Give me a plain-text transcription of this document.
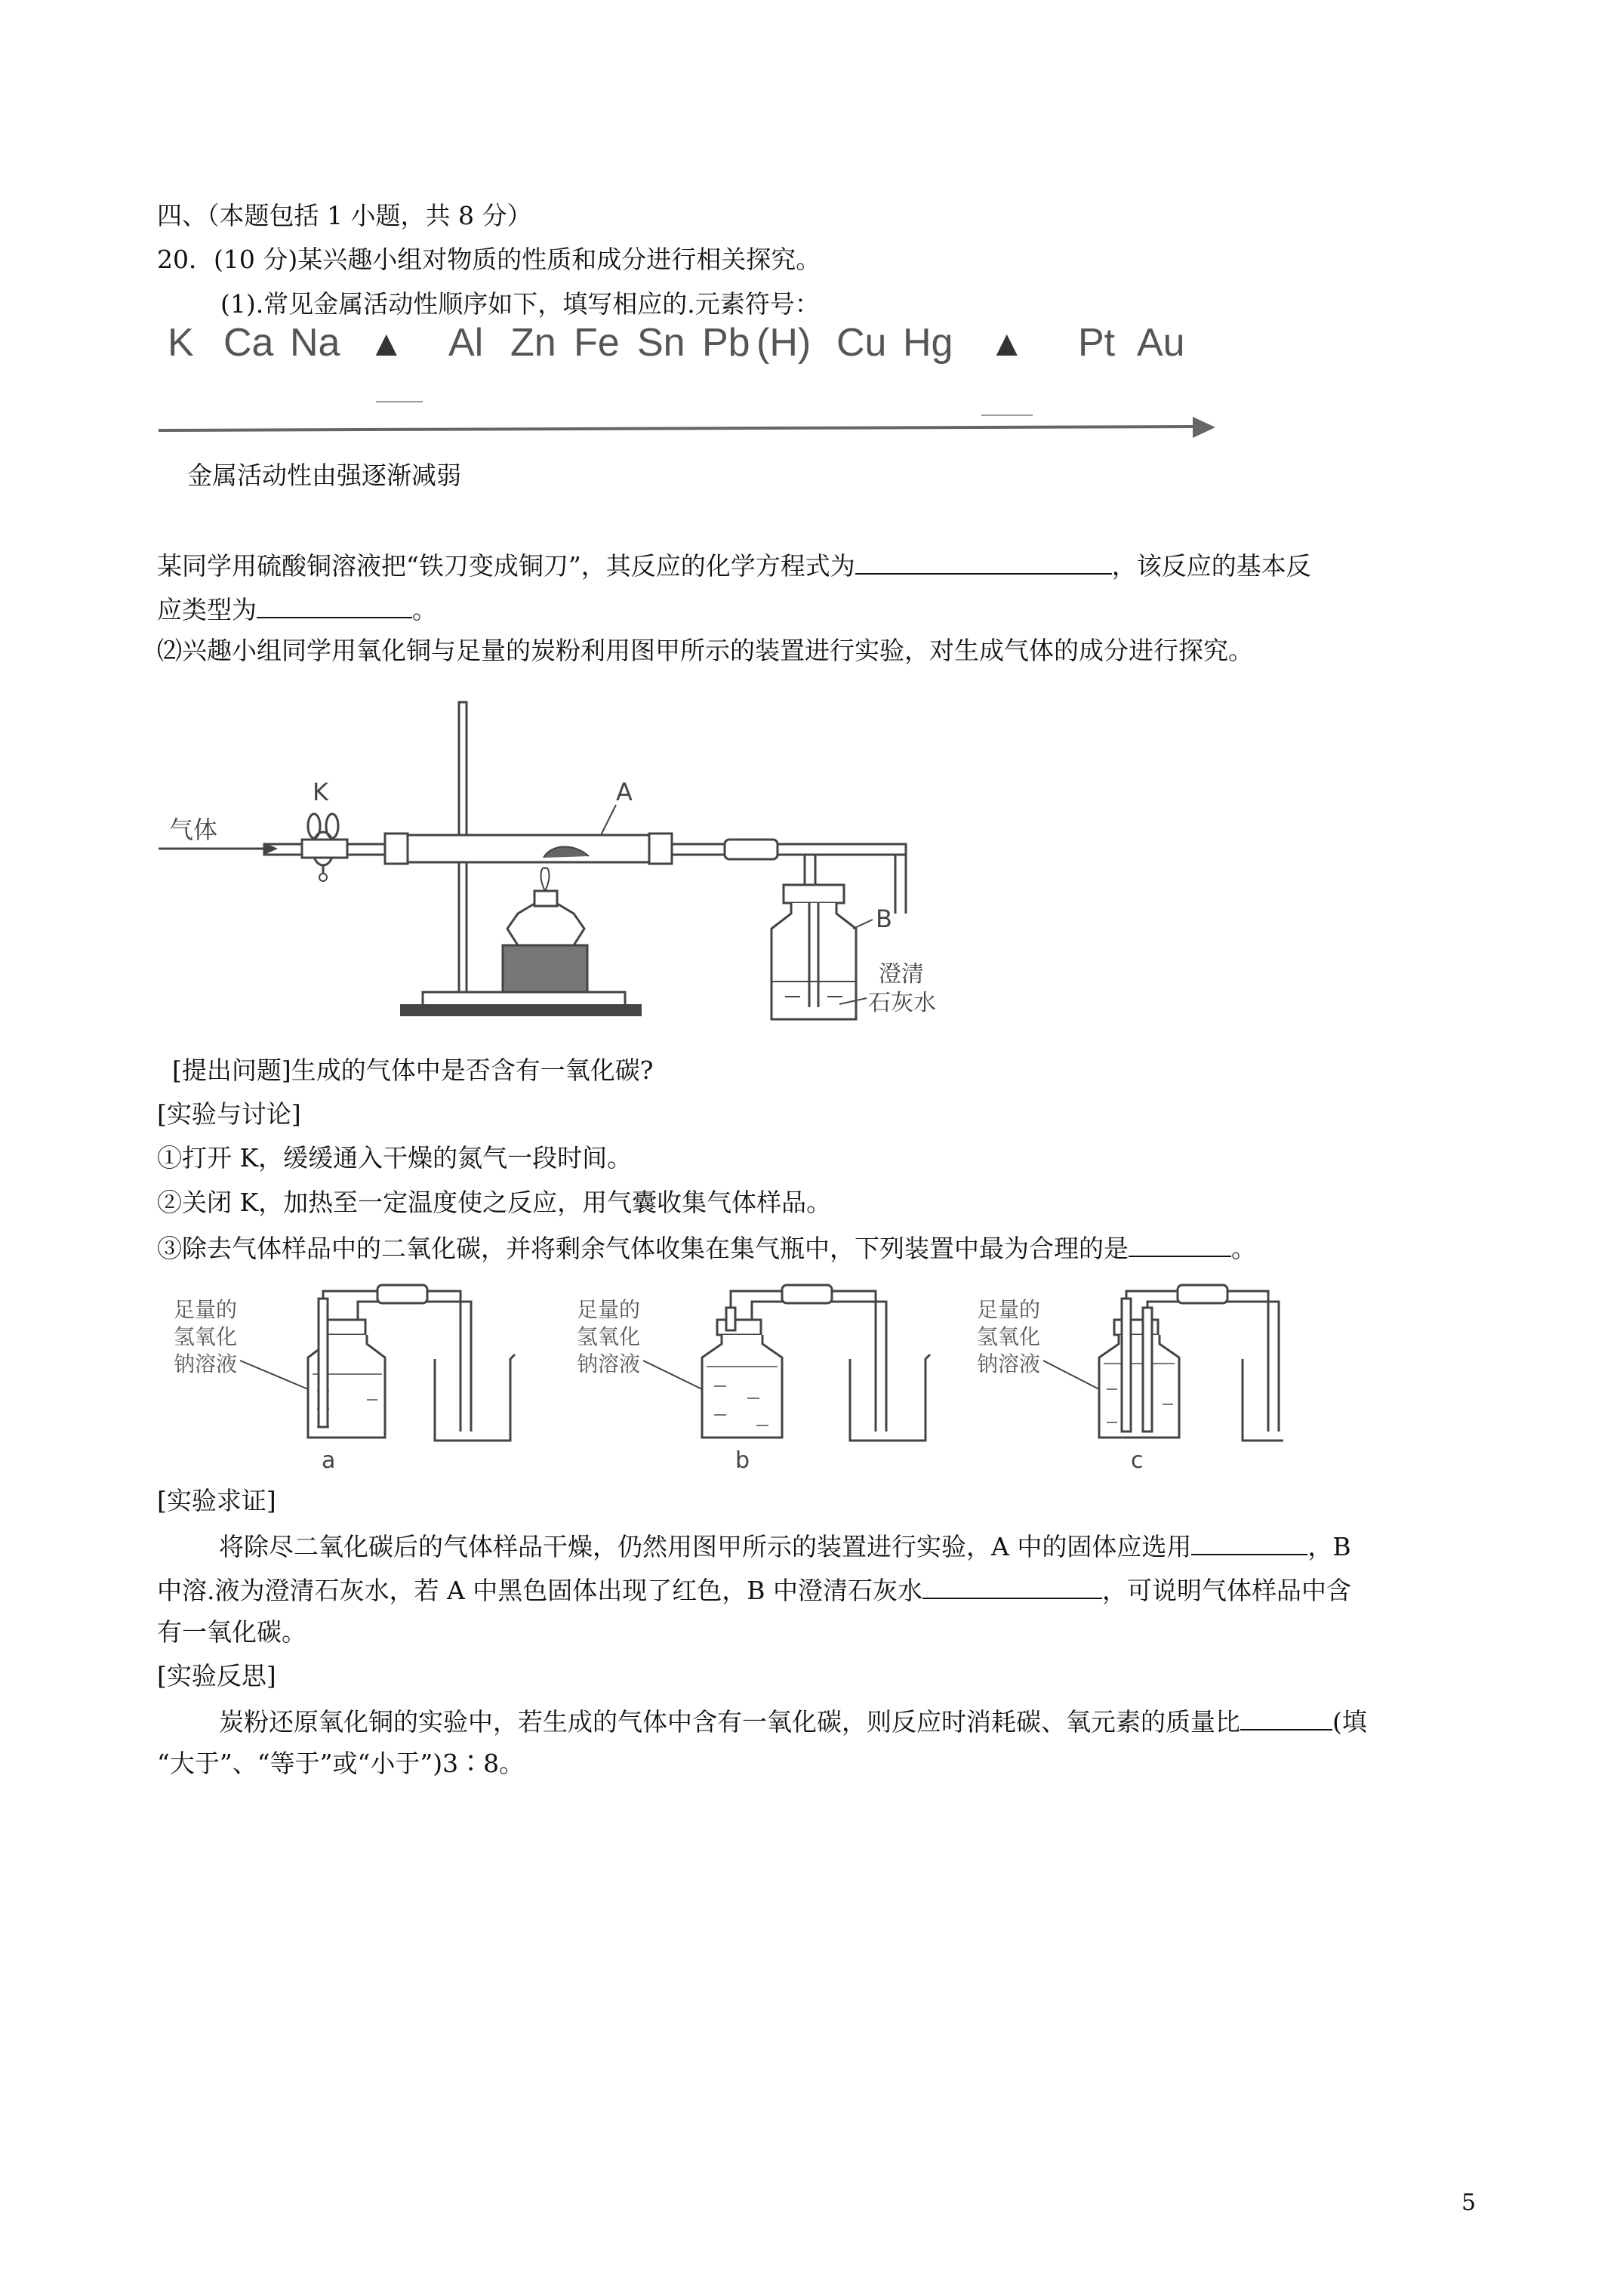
四、（本题包括 1 小题，共 8 分）
20．(10 分)某兴趣小组对物质的性质和成分进行相关探究。
(1).常见金属活动性顺序如下，填写相应的.元素符号：
K Ca Na ▲ Al Zn Fe Sn Pb (H) Cu Hg ▲ Pt Au
金属活动性由强逐渐减弱
某同学用硫酸铜溶液把“铁刀变成铜刀”，其反应的化学方程式为	，该反应的基本反
应类型为	。
⑵兴趣小组同学用氧化铜与足量的炭粉利用图甲所示的装置进行实验，对生成气体的成分进行探究。
气体
K	A
B
澄清
石灰水
[提出问题]生成的气体中是否含有一氧化碳?
[实验与讨论]
①打开 K，缓缓通入干燥的氮气一段时间。
②关闭 K，加热至一定温度使之反应，用气囊收集气体样品。
③除去气体样品中的二氧化碳，并将剩余气体收集在集气瓶中，下列装置中最为合理的是	。
足量的
氢氧化
钠溶液
a
足量的
氢氧化
钠溶液
b
足量的
氢氧化
钠溶液
c
[实验求证]
将除尽二氧化碳后的气体样品干燥，仍然用图甲所示的装置进行实验，A 中的固体应选用	，B
中溶.液为澄清石灰水，若 A 中黑色固体出现了红色，B 中澄清石灰水	，可说明气体样品中含
有一氧化碳。
[实验反思]
炭粉还原氧化铜的实验中，若生成的气体中含有一氧化碳，则反应时消耗碳、氧元素的质量比	(填
“大于”、“等于”或“小于”)3∶8。
5
